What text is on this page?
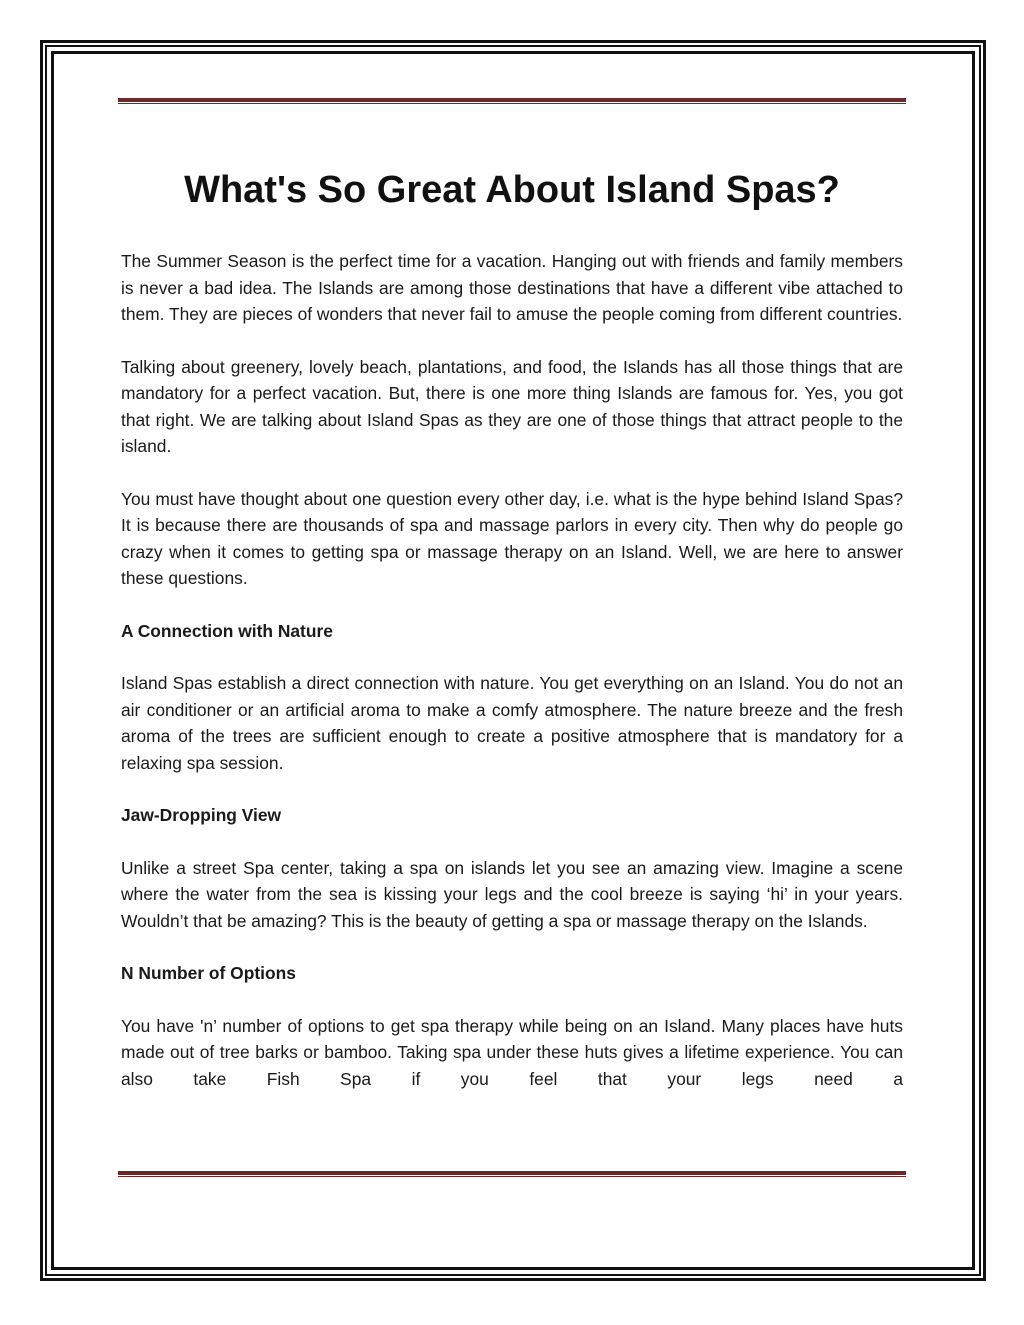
What's So Great About Island Spas?

The Summer Season is the perfect time for a vacation. Hanging out with friends and family members is never a bad idea. The Islands are among those destinations that have a different vibe attached to them. They are pieces of wonders that never fail to amuse the people coming from different countries.

Talking about greenery, lovely beach, plantations, and food, the Islands has all those things that are mandatory for a perfect vacation. But, there is one more thing Islands are famous for. Yes, you got that right. We are talking about Island Spas as they are one of those things that attract people to the island.

You must have thought about one question every other day, i.e. what is the hype behind Island Spas? It is because there are thousands of spa and massage parlors in every city. Then why do people go crazy when it comes to getting spa or massage therapy on an Island. Well, we are here to answer these questions.

A Connection with Nature

Island Spas establish a direct connection with nature. You get everything on an Island. You do not an air conditioner or an artificial aroma to make a comfy atmosphere. The nature breeze and the fresh aroma of the trees are sufficient enough to create a positive atmosphere that is mandatory for a relaxing spa session.

Jaw-Dropping View

Unlike a street Spa center, taking a spa on islands let you see an amazing view. Imagine a scene where the water from the sea is kissing your legs and the cool breeze is saying ‘hi’ in your years. Wouldn’t that be amazing? This is the beauty of getting a spa or massage therapy on the Islands.

N Number of Options

You have 'n’ number of options to get spa therapy while being on an Island. Many places have huts made out of tree barks or bamboo. Taking spa under these huts gives a lifetime experience. You can also take Fish Spa if you feel that your legs need a
